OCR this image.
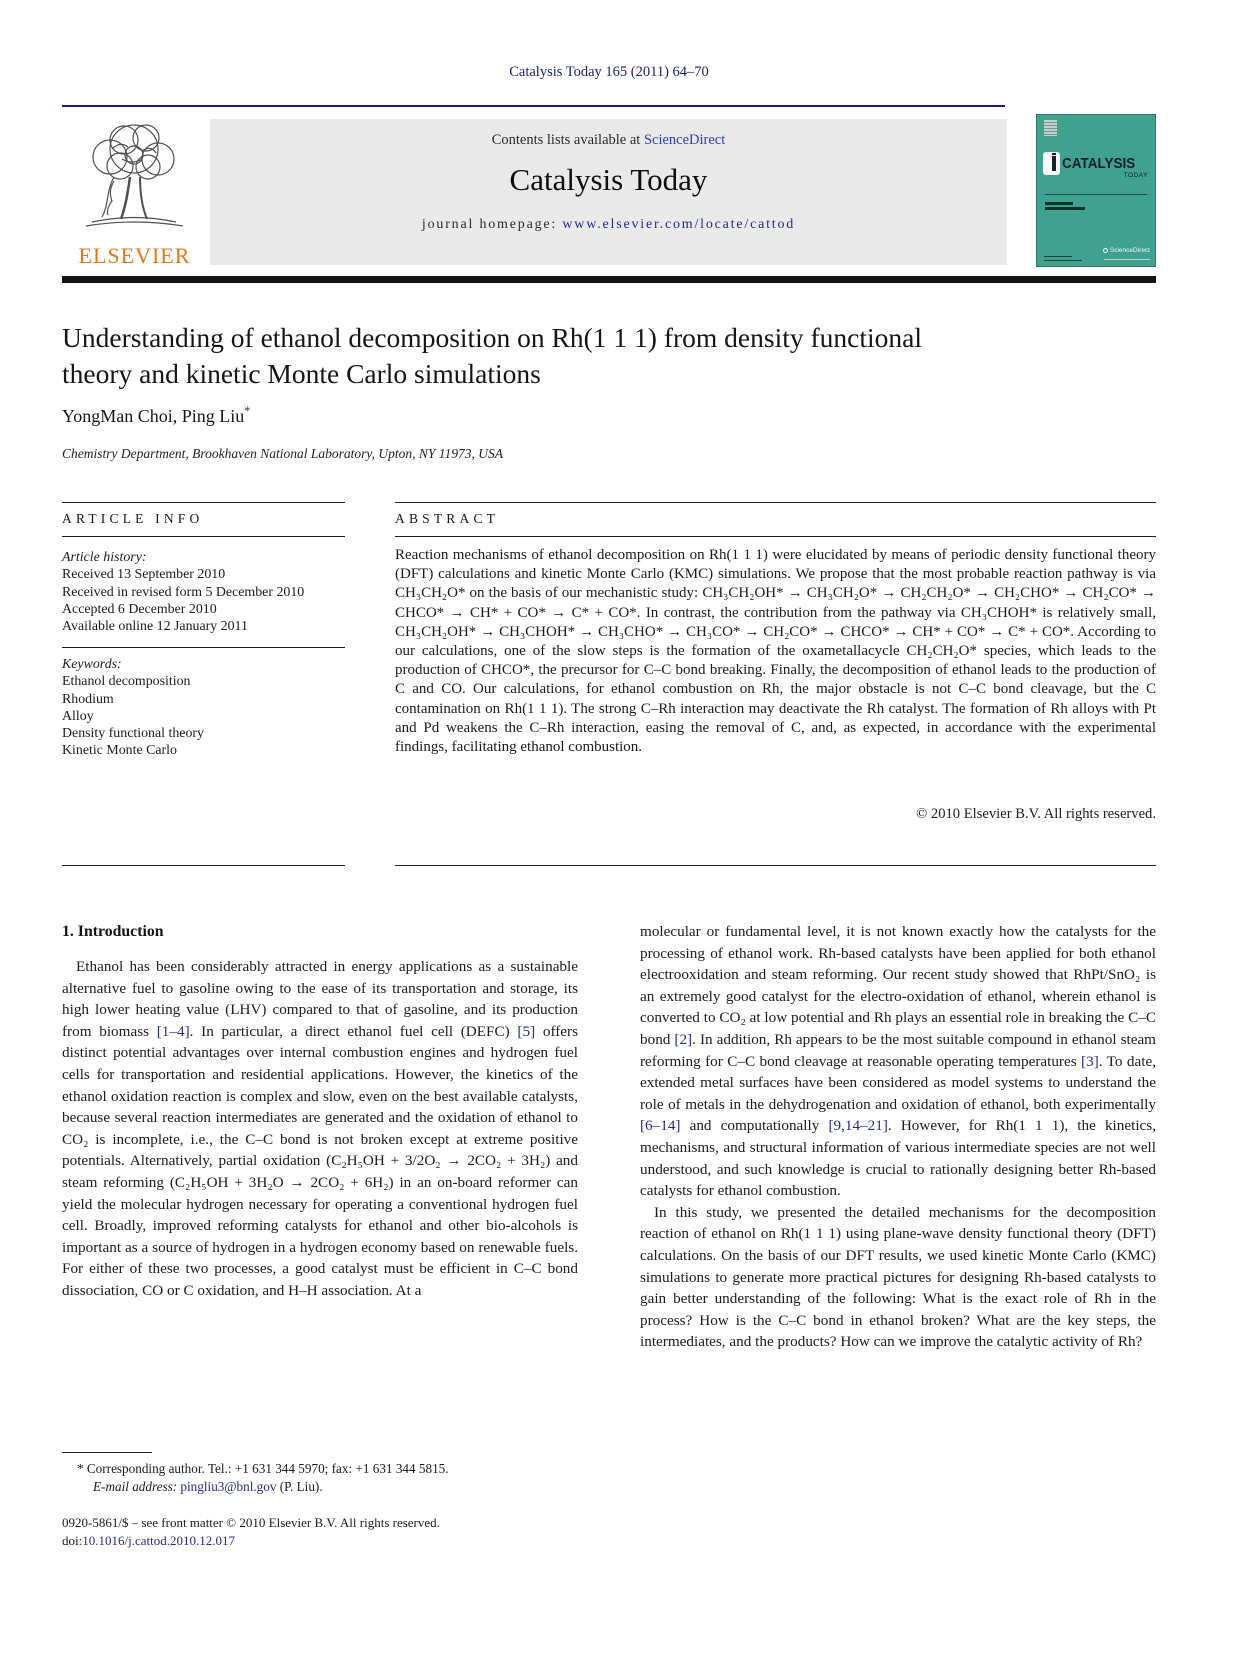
Catalysis Today 165 (2011) 64–70
ELSEVIER
Contents lists available at ScienceDirect
Catalysis Today
journal homepage: www.elsevier.com/locate/cattod
CATALYSIS
TODAY
ScienceDirect
Understanding of ethanol decomposition on Rh(1 1 1) from density functional
theory and kinetic Monte Carlo simulations
YongMan Choi, Ping Liu*
Chemistry Department, Brookhaven National Laboratory, Upton, NY 11973, USA
ARTICLE INFO
Article history:
Received 13 September 2010
Received in revised form 5 December 2010
Accepted 6 December 2010
Available online 12 January 2011
Keywords:
Ethanol decomposition
Rhodium
Alloy
Density functional theory
Kinetic Monte Carlo
ABSTRACT
Reaction mechanisms of ethanol decomposition on Rh(1 1 1) were elucidated by means of periodic density functional theory (DFT) calculations and kinetic Monte Carlo (KMC) simulations. We propose that the most probable reaction pathway is via CH₃CH₂O* on the basis of our mechanistic study: CH₃CH₂OH* → CH₃CH₂O* → CH₂CH₂O* → CH₂CHO* → CH₂CO* → CHCO* → CH* + CO* → C* + CO*. In contrast, the contribution from the pathway via CH₃CHOH* is relatively small, CH₃CH₂OH* → CH₃CHOH* → CH₃CHO* → CH₃CO* → CH₂CO* → CHCO* → CH* + CO* → C* + CO*. According to our calculations, one of the slow steps is the formation of the oxametallacycle CH₂CH₂O* species, which leads to the production of CHCO*, the precursor for C–C bond breaking. Finally, the decomposition of ethanol leads to the production of C and CO. Our calculations, for ethanol combustion on Rh, the major obstacle is not C–C bond cleavage, but the C contamination on Rh(1 1 1). The strong C–Rh interaction may deactivate the Rh catalyst. The formation of Rh alloys with Pt and Pd weakens the C–Rh interaction, easing the removal of C, and, as expected, in accordance with the experimental findings, facilitating ethanol combustion.
© 2010 Elsevier B.V. All rights reserved.
1. Introduction

Ethanol has been considerably attracted in energy applications as a sustainable alternative fuel to gasoline owing to the ease of its transportation and storage, its high lower heating value (LHV) compared to that of gasoline, and its production from biomass [1–4]. In particular, a direct ethanol fuel cell (DEFC) [5] offers distinct potential advantages over internal combustion engines and hydrogen fuel cells for transportation and residential applications. However, the kinetics of the ethanol oxidation reaction is complex and slow, even on the best available catalysts, because several reaction intermediates are generated and the oxidation of ethanol to CO₂ is incomplete, i.e., the C–C bond is not broken except at extreme positive potentials. Alternatively, partial oxidation (C₂H₅OH + 3/2O₂ → 2CO₂ + 3H₂) and steam reforming (C₂H₅OH + 3H₂O → 2CO₂ + 6H₂) in an on-board reformer can yield the molecular hydrogen necessary for operating a conventional hydrogen fuel cell. Broadly, improved reforming catalysts for ethanol and other bio-alcohols is important as a source of hydrogen in a hydrogen economy based on renewable fuels. For either of these two processes, a good catalyst must be efficient in C–C bond dissociation, CO or C oxidation, and H–H association. At a

molecular or fundamental level, it is not known exactly how the catalysts for the processing of ethanol work. Rh-based catalysts have been applied for both ethanol electrooxidation and steam reforming. Our recent study showed that RhPt/SnO₂ is an extremely good catalyst for the electro-oxidation of ethanol, wherein ethanol is converted to CO₂ at low potential and Rh plays an essential role in breaking the C–C bond [2]. In addition, Rh appears to be the most suitable compound in ethanol steam reforming for C–C bond cleavage at reasonable operating temperatures [3]. To date, extended metal surfaces have been considered as model systems to understand the role of metals in the dehydrogenation and oxidation of ethanol, both experimentally [6–14] and computationally [9,14–21]. However, for Rh(1 1 1), the kinetics, mechanisms, and structural information of various intermediate species are not well understood, and such knowledge is crucial to rationally designing better Rh-based catalysts for ethanol combustion.

In this study, we presented the detailed mechanisms for the decomposition reaction of ethanol on Rh(1 1 1) using plane-wave density functional theory (DFT) calculations. On the basis of our DFT results, we used kinetic Monte Carlo (KMC) simulations to generate more practical pictures for designing Rh-based catalysts to gain better understanding of the following: What is the exact role of Rh in the process? How is the C–C bond in ethanol broken? What are the key steps, the intermediates, and the products? How can we improve the catalytic activity of Rh?

* Corresponding author. Tel.: +1 631 344 5970; fax: +1 631 344 5815.

E-mail address: pingliu3@bnl.gov (P. Liu).

0920-5861/$ – see front matter © 2010 Elsevier B.V. All rights reserved.

doi:10.1016/j.cattod.2010.12.017
